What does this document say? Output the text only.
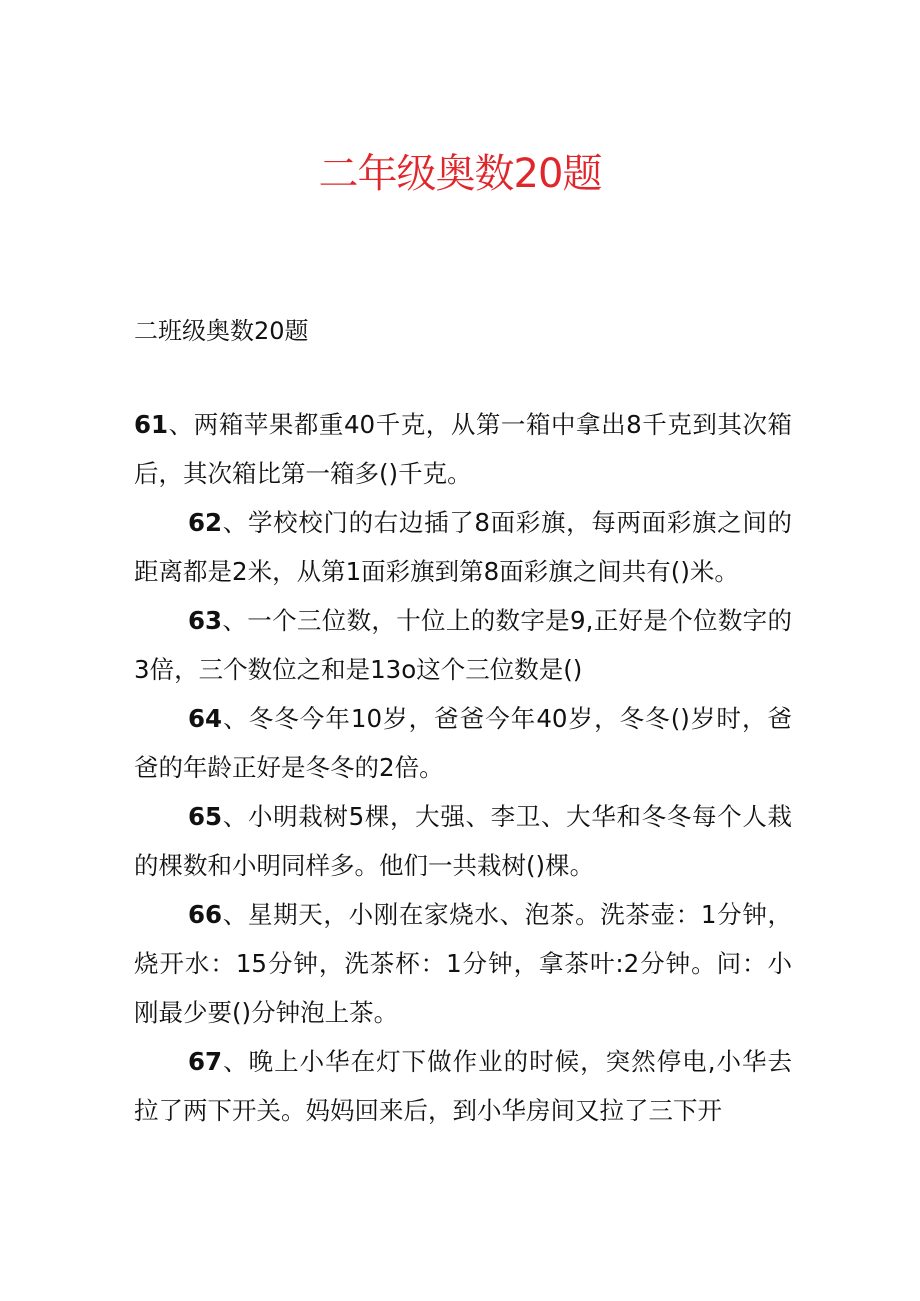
二年级奥数20题

二班级奥数20题

61、两箱苹果都重40千克，从第一箱中拿出8千克到其次箱后，其次箱比第一箱多()千克。

62、学校校门的右边插了8面彩旗，每两面彩旗之间的距离都是2米，从第1面彩旗到第8面彩旗之间共有()米。

63、一个三位数，十位上的数字是9,正好是个位数字的3倍，三个数位之和是13o这个三位数是()

64、冬冬今年10岁，爸爸今年40岁，冬冬()岁时，爸爸的年龄正好是冬冬的2倍。

65、小明栽树5棵，大强、李卫、大华和冬冬每个人栽的棵数和小明同样多。他们一共栽树()棵。

66、星期天，小刚在家烧水、泡茶。洗茶壶：1分钟，烧开水：15分钟，洗茶杯：1分钟，拿茶叶:2分钟。问：小刚最少要()分钟泡上茶。

67、晚上小华在灯下做作业的时候，突然停电,小华去拉了两下开关。妈妈回来后，到小华房间又拉了三下开
